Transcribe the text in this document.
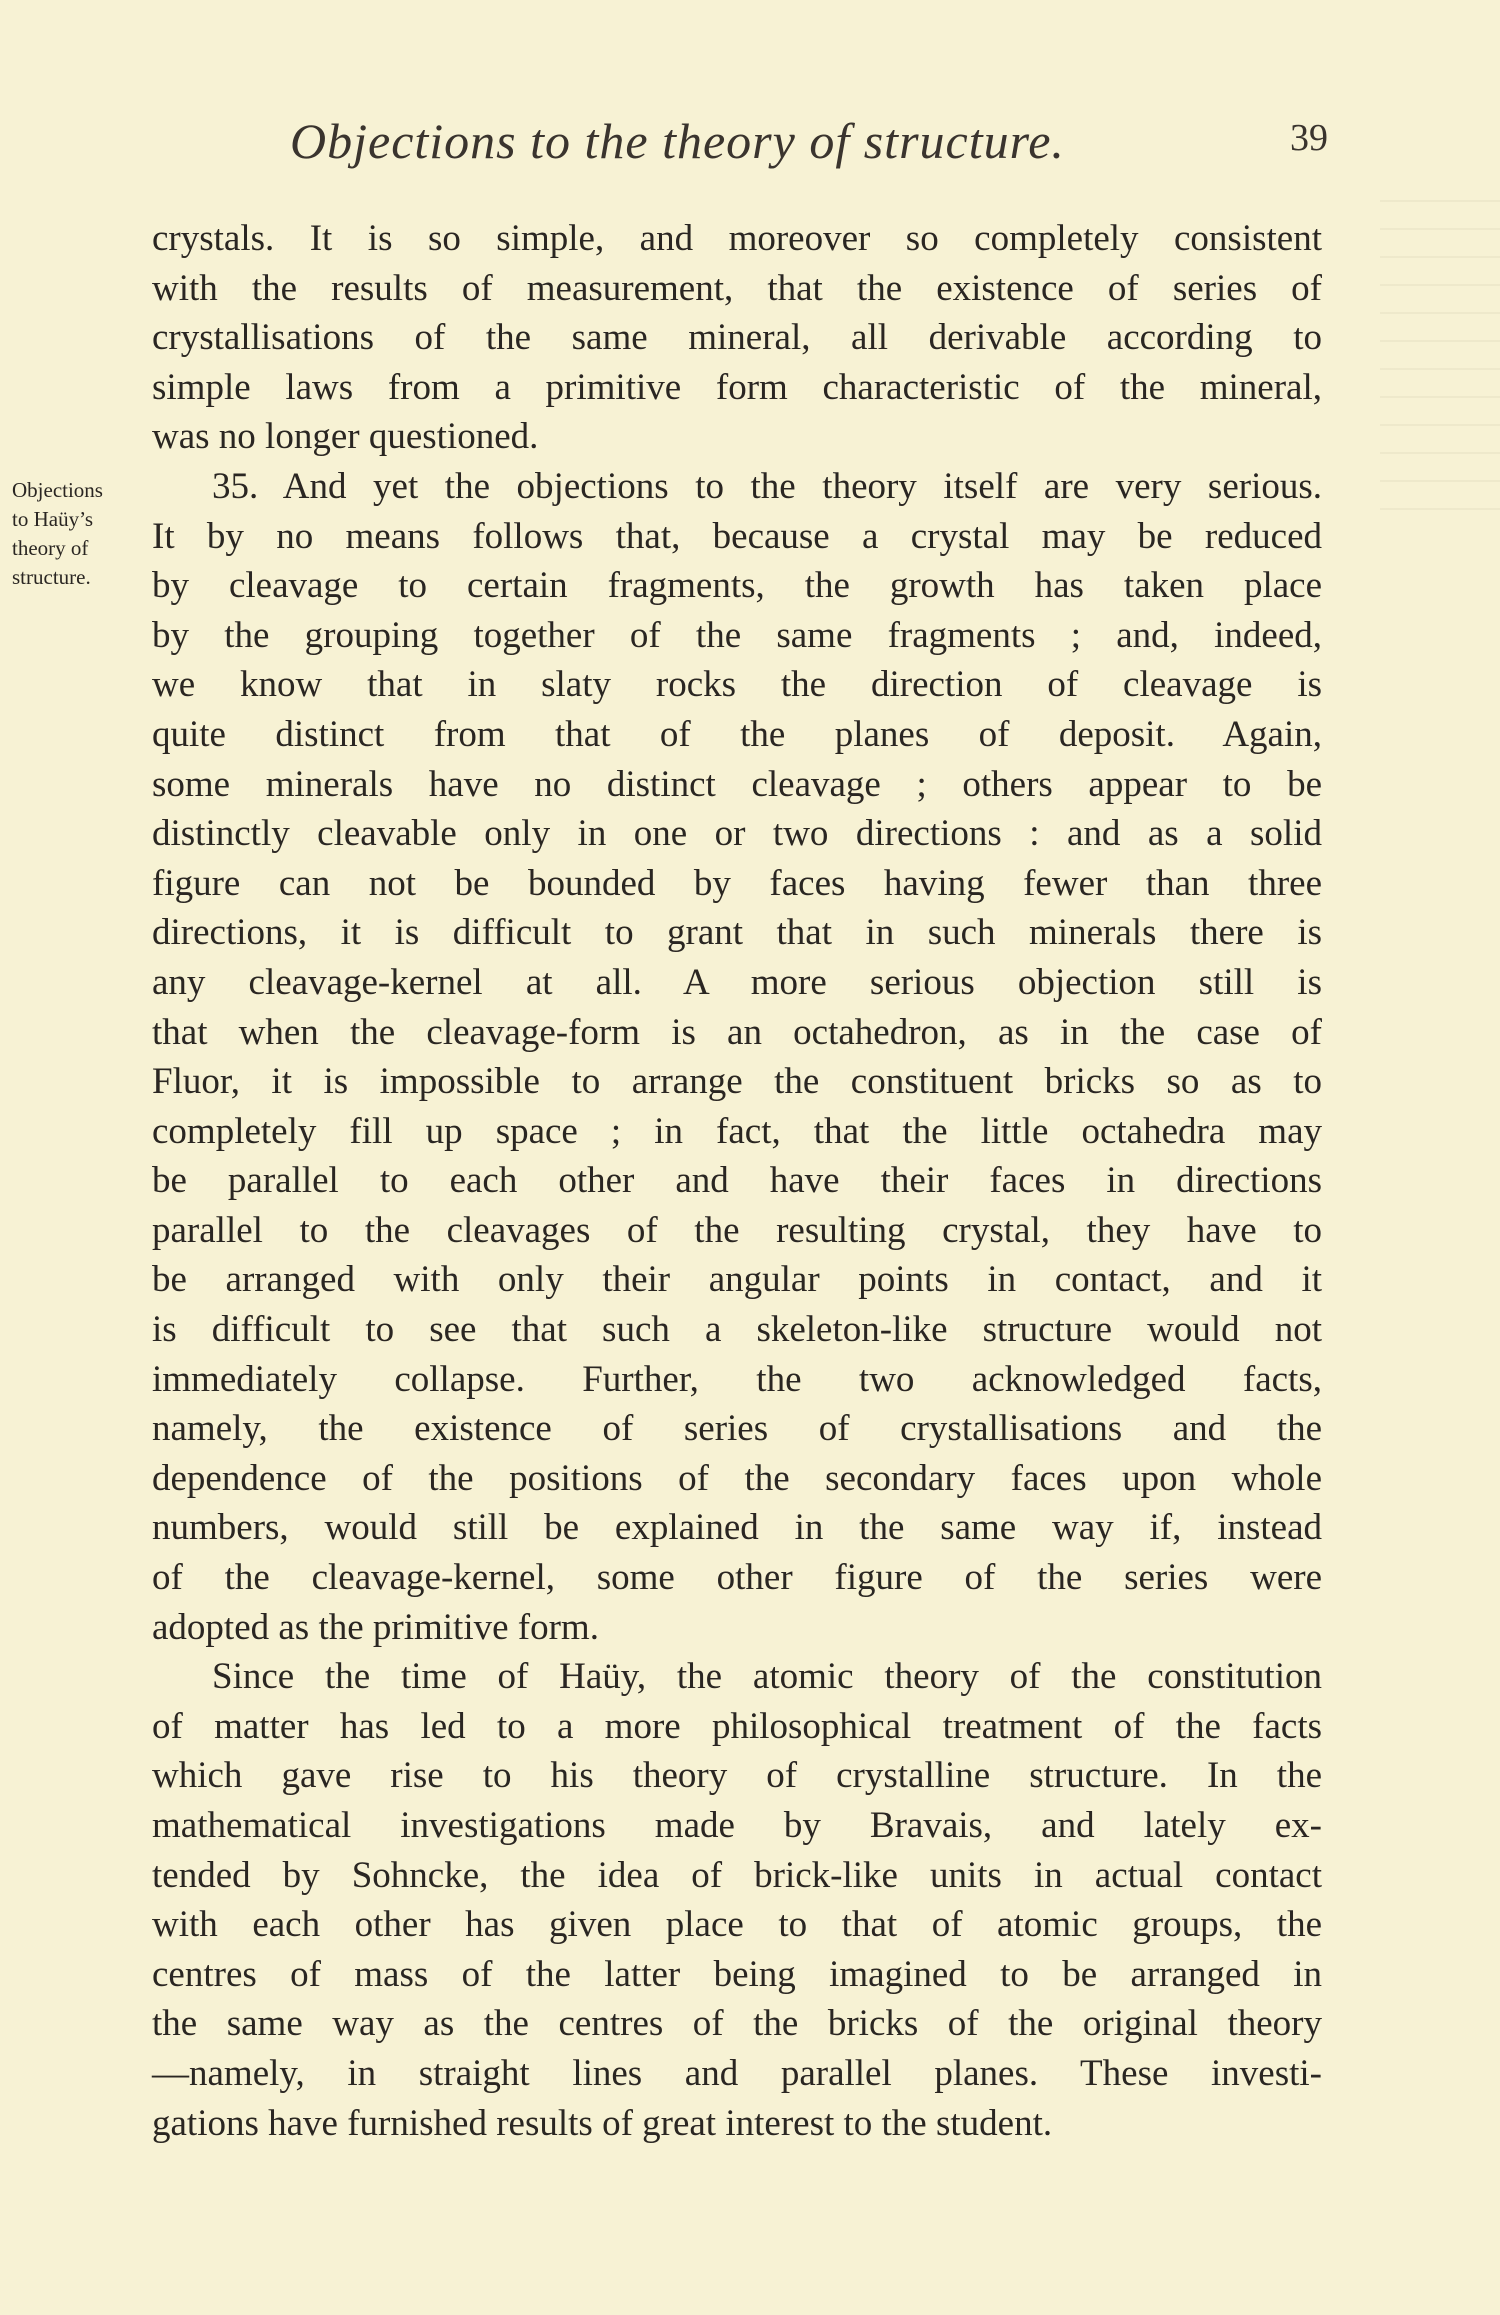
Objections to the theory of structure.	39
Objections
to Haüy’s
theory of
structure.
crystals. It is so simple, and moreover so completely consistent
with the results of measurement, that the existence of series of
crystallisations of the same mineral, all derivable according to
simple laws from a primitive form characteristic of the mineral,
was no longer questioned.
35. And yet the objections to the theory itself are very serious.
It by no means follows that, because a crystal may be reduced
by cleavage to certain fragments, the growth has taken place
by the grouping together of the same fragments ; and, indeed,
we know that in slaty rocks the direction of cleavage is
quite distinct from that of the planes of deposit. Again,
some minerals have no distinct cleavage ; others appear to be
distinctly cleavable only in one or two directions : and as a solid
figure can not be bounded by faces having fewer than three
directions, it is difficult to grant that in such minerals there is
any cleavage-kernel at all. A more serious objection still is
that when the cleavage-form is an octahedron, as in the case of
Fluor, it is impossible to arrange the constituent bricks so as to
completely fill up space ; in fact, that the little octahedra may
be parallel to each other and have their faces in directions
parallel to the cleavages of the resulting crystal, they have to
be arranged with only their angular points in contact, and it
is difficult to see that such a skeleton-like structure would not
immediately collapse. Further, the two acknowledged facts,
namely, the existence of series of crystallisations and the
dependence of the positions of the secondary faces upon whole
numbers, would still be explained in the same way if, instead
of the cleavage-kernel, some other figure of the series were
adopted as the primitive form.
Since the time of Haüy, the atomic theory of the constitution
of matter has led to a more philosophical treatment of the facts
which gave rise to his theory of crystalline structure. In the
mathematical investigations made by Bravais, and lately ex-
tended by Sohncke, the idea of brick-like units in actual contact
with each other has given place to that of atomic groups, the
centres of mass of the latter being imagined to be arranged in
the same way as the centres of the bricks of the original theory
—namely, in straight lines and parallel planes. These investi-
gations have furnished results of great interest to the student.
